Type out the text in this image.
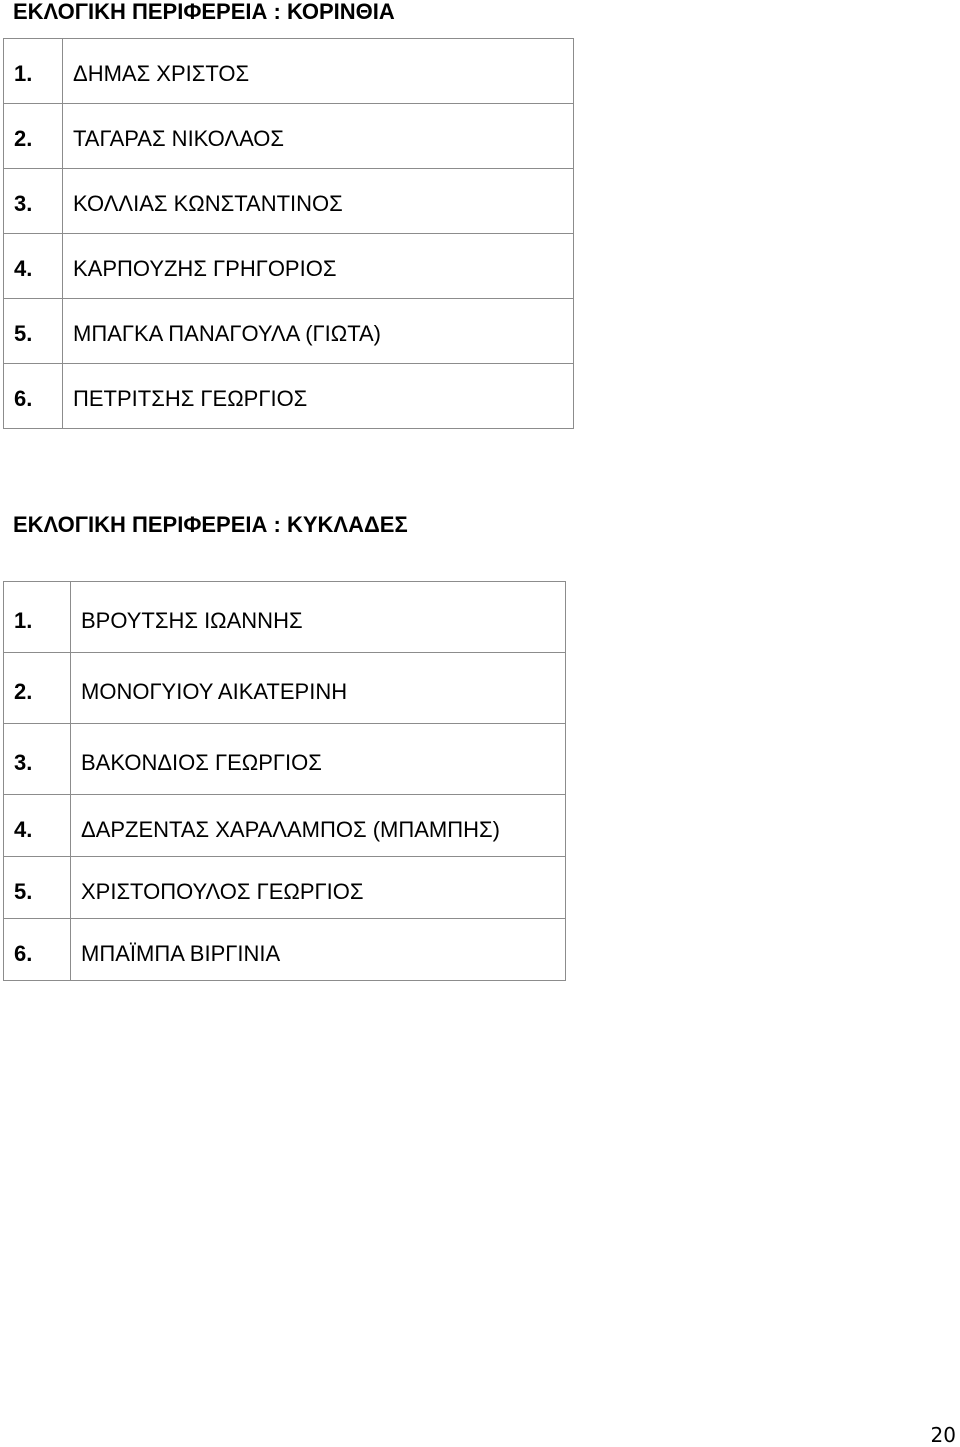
ΕΚΛΟΓΙΚΗ ΠΕΡΙΦΕΡΕΙΑ : ΚΟΡΙΝΘΙΑ
1.	ΔΗΜΑΣ ΧΡΙΣΤΟΣ
2.	ΤΑΓΑΡΑΣ ΝΙΚΟΛΑΟΣ
3.	ΚΟΛΛΙΑΣ ΚΩΝΣΤΑΝΤΙΝΟΣ
4.	ΚΑΡΠΟΥΖΗΣ ΓΡΗΓΟΡΙΟΣ
5.	ΜΠΑΓΚΑ ΠΑΝΑΓΟΥΛΑ (ΓΙΩΤΑ)
6.	ΠΕΤΡΙΤΣΗΣ ΓΕΩΡΓΙΟΣ
ΕΚΛΟΓΙΚΗ ΠΕΡΙΦΕΡΕΙΑ : ΚΥΚΛΑΔΕΣ
1.	ΒΡΟΥΤΣΗΣ ΙΩΑΝΝΗΣ
2.	ΜΟΝΟΓΥΙΟΥ ΑΙΚΑΤΕΡΙΝΗ
3.	ΒΑΚΟΝΔΙΟΣ ΓΕΩΡΓΙΟΣ
4.	ΔΑΡΖΕΝΤΑΣ ΧΑΡΑΛΑΜΠΟΣ (ΜΠΑΜΠΗΣ)
5.	ΧΡΙΣΤΟΠΟΥΛΟΣ ΓΕΩΡΓΙΟΣ
6.	ΜΠΑΪΜΠΑ ΒΙΡΓΙΝΙΑ
20
